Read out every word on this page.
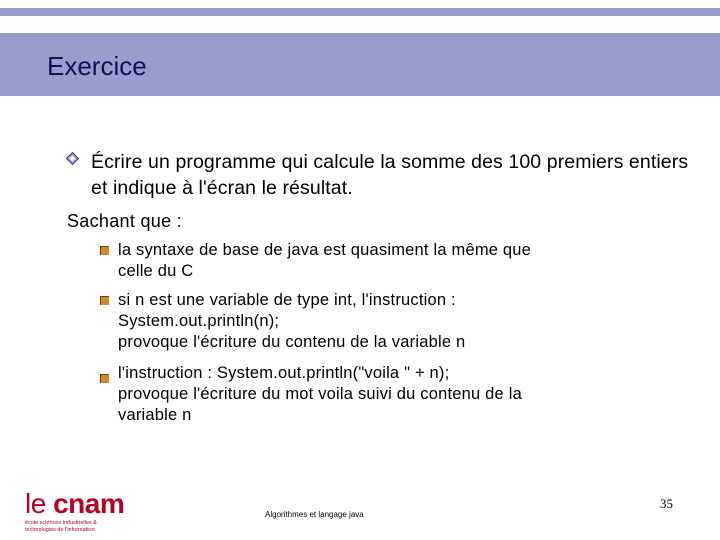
Exercice
Écrire un programme qui calcule la somme des 100 premiers entiers et indique à l'écran le résultat.
Sachant que :
la syntaxe de base de java est quasiment la même que
celle du C
si n est une variable de type int, l'instruction :
System.out.println(n);
provoque l'écriture du contenu de la variable n
l'instruction : System.out.println("voila " + n);
provoque l'écriture du mot voila suivi du contenu de la
variable n
le cnam
école sciences industrielles &
technologies de l'information
Algorithmes et langage java
35
